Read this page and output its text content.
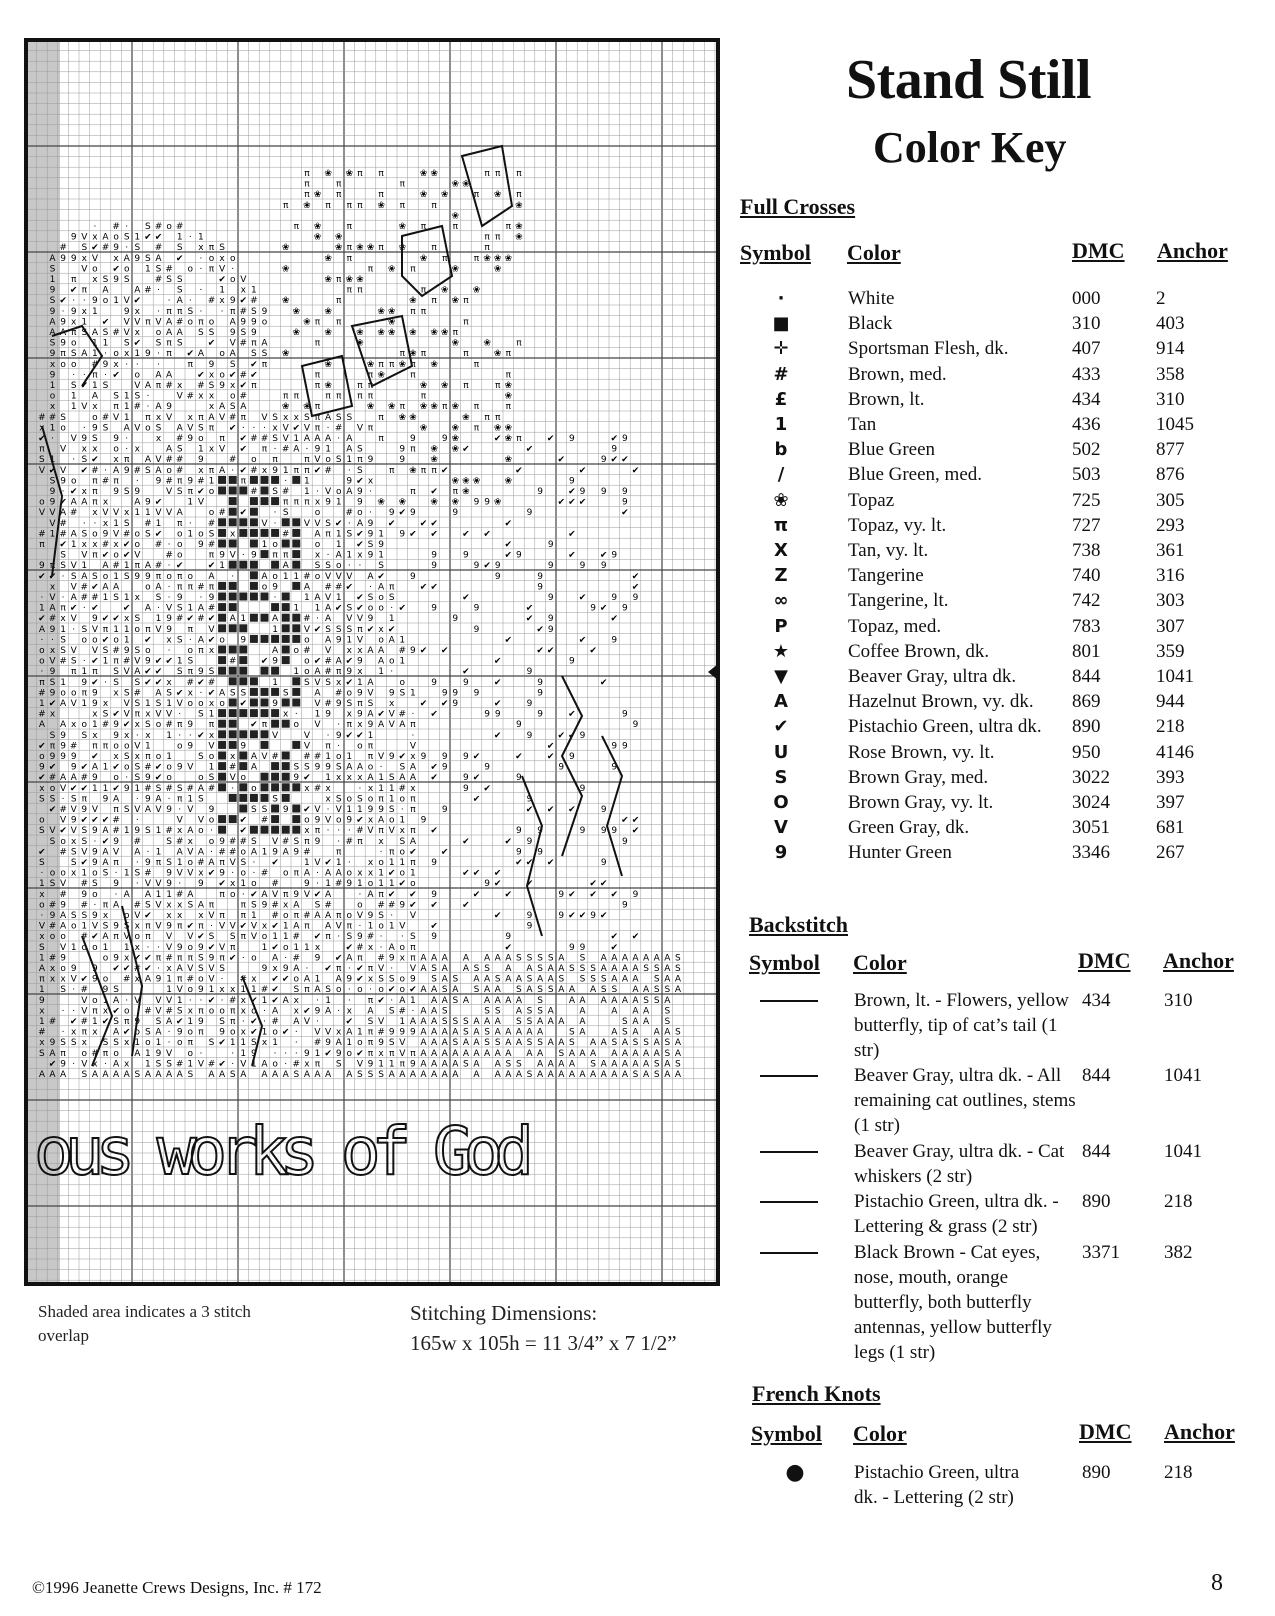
π ❀ ❀ π π	❀ ❀	π π π
π	π	π	❀ ❀
π ❀ π	π	❀ ❀	π ❀ π
π ❀ π π π ❀ π	π	❀
❀
· # · S # o #	π ❀	π	❀ π	π	π ❀
9 V x A o S 1 ✔ ✔ 1 · 1	❀ ❀	π π ❀
# S ✔ # 9 · S # S x π S	❀	❀ π ❀ ❀ π ❀	π	π
A 9 9 x V x A 9 S A ✔ · o x o	❀ π	❀ π	π ❀ ❀ ❀
S	V o ✔ o 1 S # o · π V ·	❀	π ❀ π	❀	❀
1 π x S 9 S	# S S	✔ o V	❀ π ❀ ❀
9 ✔ π A	A # · S · 1 x 1	π π	π ❀	❀
S ✔ · · 9 o 1 V ✔	· A · # x 9 ✔ #	❀	π	❀ π ❀ π
9 · 9 x 1	9 x · π π S · · π # S 9	❀	❀	❀ ❀ π π
A 9 x 1 ✔ V V π V A # o π o A 9 9 o	❀ π π	❀	π
A A π S A S # V x o A A S S 9 S 9	❀	❀	❀ ❀ ❀ ❀ ❀ ❀ π
S 9 o 1 1 S ✔ S π S	✔ V # π A	π	❀	❀	❀	π
9 π S A 1 · o x 1 9 · π ✔ A o A S S ❀	π ❀ π	π	❀ π
x o o # 9 x · · ·	π 9 S ✔ π	❀	❀ π π ❀ π ❀	π
9 · · π · ✔ o A A	✔ x o ✔ # ✔	π	π ❀	π	π
1 S ✔ 1 S	V A π # x # S 9 x ✔ π	π ❀	π π	❀ ❀ π	π ❀
o 1 A S 1 S ·	V # x x o #	π π	π π π π	π	❀
x 1 V x π 1 # · A 9	x A S A	❀ ❀ π	❀ ❀ π ❀ ❀ π ❀ π	π
# # S	o # V 1 π x V x π A V # π V S x x S π A S S	π ❀ ❀	❀ π π
x 1 o · 9 S A V o S A V S π ✔ · · · x V ✔ V π · # V π	❀	❀ π ❀ ❀
✔ · V 9 S 9 ·	x # 9 o π ✔ # # S V 1 A A A · A	π	9	9 ❀	✔ ❀ π	✔ 9	✔ 9
π V x x o · x	A S 1 x V ✔ π · # A · 9 1 A S	9 π ❀ ❀ ✔	✔	9
S 1 · S ✔ x π A V # # 9	# o π	π V o S 1 π 9	9	❀	❀	✔	9 ✔ ✔
V ✔ V ✔ # · A 9 # S A o # x π A · ✔ # x 9 1 π π ✔ # · S	π ❀ π π ✔	✔	✔	✔
S 9 o π # π · 9 # π 9 # 1	π	· 1	9 ✔ x	❀ ❀ ❀	❀	9
9 · ✔ x π 9 S 9	V S π ✔ o	# S # 1 · V o A 9 ·	π ✔ π ❀	9	✔ 9 9 9
o 9 ✔ A A π x	A 9 ✔	1 V	π π π x 9 1 9 ❀ ❀	❀ ❀ 9 9 ❀	✔ ✔ ✔	9
V V A # x V V x 1 1 V V A	o # ✔	· S	o	# o · 9 ✔ 9	9	9	✔
V # · · x 1 S # 1 π · #	V ·	V V S ✔ · A 9 ✔	✔ ✔	✔
# 1 # A S o 9 V # o S ✔ o 1 o S x	#	A π 1 S ✔ 9 1 9 ✔ ✔	✔ ✔	✔
π ✔ 1 x x # x ✔ o # · o 9 #	1 o	o 1 ✔ S 9	✔	9
S V π ✔ o ✔ V	# o	π 9 V · 9 π π	x · A 1 x 9 1	9	9	✔ 9	✔	✔ 9
9 π S V 1 A # 1 π A # · ✔	✔ 1	A	S S o · · S	9	9 ✔ 9	9	9 9
✔ ✔ · S A S o 1 S 9 9 π o π o A ·	A o 1 1 # o V V V A ✔	9	9	9	✔
x V # ✔ A A	o A · π π # π	o 9	A # # ✔ · A π	✔ ✔	9	✔
· V · A # # 1 S 1 x S · 9 · 9	·	1 A V 1 ✔ S o S	✔	9	✔	9 9
1 A π ✔ · ✔	✔ A · V S 1 A #	1 1 A ✔ S ✔ o o · ✔	9	9	✔	9 ✔ 9
✔ # x V 9 ✔ ✔ x S 1 9 # ✔ # ✔ A 1	A	# · A V V 9 1	9	✔ 9	✔
A 9 1 · S V π 1 1 o π V 9 π V	1	V ✔ S S S π ✔ x ✔	9	✔ 9
· · S o o ✔ o 1 ✔ x S · A ✔ o 9	o A 9 1 V o A 1	✔	✔	9
o x S V V S # 9 S o · o π x	A o # V x x A A # 9 ✔ ✔	✔ ✔	✔
o V # S · ✔ 1 π # V 9 ✔ ✔ 1 S	#	✔ 9	o ✔ # A ✔ 9 A o 1	✔	9
· 9 π 1 π S V A ✔ ✔ S π 9 S	1 o A # π 9 x 1 ·	✔	9
π S 1 9 ✔ · S S ✔ ✔ x # ✔ #	1	S V S x ✔ 1 A	o	9	9	✔	9	✔
# 9 o o π 9 x S # A S ✔ x · ✔ A S S	S	A # o 9 V 9 S 1	9 9 9	9
1 ✔ A V 1 9 x V S 1 S 1 V o o x o ✔	9	V # 9 S π S x	✔ ✔ 9	✔	9
# x	x S ✔ V π x V V · S 1	x · 1 9 x 9 A ✔ V # · ✔	9 9	9	✔	9
A A x o 1 # 9 ✔ x S o # π 9 π	✔ π	o V · π x 9 A V A π	9	9
S 9 S x 9 x · x 1 · · ✔ x	V	V · 9 ✔ ✔ 1	·	✔	9	✔ ✔ 9
✔ π 9 # π π o o V 1	o 9 V	9	V π · o π	V	✔	9 9
o 9 9 9 ✔ x S x π o 1	S o x A V #	# # 1 o 1 π V 9 ✔ x 9 9 9 ✔	✔	✔ 9
9 ✔ 9 ✔ A 1 ✔ o S # ✔ o 9 V 1 # A	S S 9 9 S A A o · S A ✔ 9	9	9	9
✔ # A A # 9 o · S 9 ✔ o	o S V o	9 ✔ 1 x x x A 1 S A A ✔	9 ✔	9
x o V ✔ ✔ 1 1 ✔ 9 1 # S # S # A # · o	x # x	· x 1 1 # x	9 ✔	9
S S · S π 9 A · 9 A · π 1 S	S	x S o S o π 1 o π	✔	9
✔ # V 9 V π S V A V 9 · V 9	S S 9 ✔ V · V 1 1 9 9 S · π	9	✔ ✔ ✔	9
o V 9 ✔ ✔ ✔ # ·	V V o	✔ #	o 9 V o 9 ✔ x A o 1 9	✔ ✔
S V ✔ V S 9 A # 1 9 S 1 # x A o ·	✔	x π · · · # V π V x π ✔	9 9	9 9 9 ✔
S o x S · ✔ 9 #	S # x o 9 # # S V # S π 9 · # π x S A	✔	✔ 9	9
✔ # S V 9 A V A · 1 A V A · # # o A 1 9 A 9 #	π	· π o ✔	✔	9 9
S	S ✔ 9 A π · 9 π S 1 o # A π V S · ✔	1 V ✔ 1 · x o 1 1 π 9	✔ ✔ ✔	9
· o o x 1 o S · 1 S # 9 V V x ✔ 9 · o · # o π A · A A o x x 1 ✔ o 1	✔ ✔ ✔
1 S V # S 9 · V V 9 · 9 ✔ x 1 o #	9 · 1 # 9 1 o 1 1 ✔ o	9 ✔	✔	✔ ✔
x # 9 o · A A 1 1 # A	π o · ✔ A V π 9 V ✔ A	· A π ✔ ✔ 9	✔	✔	9 ✔ ✔ ✔ 9
o # 9 # · π A # S V x x S A π	π S 9 # x A S #	o # # 9 ✔ ✔	✔	9
· 9 A S S 9 x o V ✔ x x x V π π 1 # o π # A A π o V 9 S · V	✔	9	9 ✔ ✔ 9 ✔
V # A o 1 V S 9 S x π V 9 π ✔ π · V V ✔ V x ✔ 1 A π A V π · 1 o 1 V	✔	9
x o o # ✔ A π V o π V V ✔ S S π V o 1 1 # ✔ π · S 9 # · · S 9	9	✔ ✔
S V 1 o o 1 1 x · · V 9 o 9 ✔ V π	1 ✔ o 1 1 x	✔ # x · A o π	✔	9 9	✔
1 # 9	o 9 x ✔ ✔ π # π π S 9 π ✔ · o A · # 9 ✔ A π # 9 x π A A A A A A A S S S S A S A A A A A A A S
A x o 9 9 ✔ ✔ # ✔ · x A V S V S	9 x 9 A · ✔ π · ✔ π V · V A S A A S S A A S A A S S S A A A A S S A S
π x x V ✔ 9 o # x A 9 1 π # o V · # x ✔ ✔ o A 1 A 9 ✔ x S S o 9 S A S A A S A A S A A S S S S A A A S A A
1 S · # 9 S	1 V o 9 1 x x 1 1 # ✔ S π A S o · o · o ✔ o ✔ A A S A S A A S A S S A A A S S A A S S A
9	V o 1 A · V V V 1 · · ✔ · # x ✔ 1 ✔ A x · 1 · π ✔ · A 1 A A S A A A A A S	A A A A A A S S A
x · · V π x ✔ o # V # S x π o o π x o · A x ✔ 9 A · x A S # · A A S	S S A S S A	A	A A A S
1 # ✔ # 1 ✔ S π 9 S A ✔ 1 9 S π · ✔ · # A V ·	✔ S V 1 A A A S S S A A A S S A A A A	S A A S
# · x π x · A ✔ o S A · 9 o π 9 o x ✔ 1 o ✔ · V V x A 1 π # 9 9 9 A A A A S A S A A A A A	S A	A S A A A S
x 9 S S x S S x 1 o 1 · o π S ✔ 1 1 S x 1 · # 9 A 1 o π 9 S V A A A S A A S S A A S S A A S A A S A S S A S A
S A π o # π o A 1 9 V o ·	· 1 9 · · · 9 1 ✔ 9 o ✔ π x π V π A A A A A A A A A A A S A A A A A A A A S A
✔ 9 · V x · A x 1 S S # 1 V # ✔ · V 1 A o · # x π S V 9 1 1 π 9 A A A A S A A S S A A A A S A A A A A S A S
A A A S A A A A S A A A A S A A S A A A A S A A A A S S S A A A A A A A A A A A S A A A A A A A A A S A S A A
ous works of God
Shaded area indicates a 3 stitch overlap
Stitching Dimensions:
165w x 105h = 11 3/4” x 7 1/2”
Stand Still
Color Key
Full Crosses
Symbol Color	DMC Anchor
·	White	000	2
■	Black	310	403
✛	Sportsman Flesh, dk.	407	914
#	Brown, med.	433	358
£	Brown, lt.	434	310
1	Tan	436	1045
b	Blue Green	502	877
/	Blue Green, med.	503	876
❀	Topaz	725	305
π	Topaz, vy. lt.	727	293
X	Tan, vy. lt.	738	361
Z	Tangerine	740	316
∞	Tangerine, lt.	742	303
P	Topaz, med.	783	307
★	Coffee Brown, dk.	801	359
▼	Beaver Gray, ultra dk.	844	1041
A	Hazelnut Brown, vy. dk. 869	944
✔	Pistachio Green, ultra dk. 890	218
U	Rose Brown, vy. lt.	950	4146
S	Brown Gray, med.	3022 393
O	Brown Gray, vy. lt.	3024 397
V	Green Gray, dk.	3051 681
9	Hunter Green	3346 267
Backstitch
Symbol Color	DMC Anchor
Brown, lt. - Flowers, yellow butterfly, tip of cat’s tail (1 str)
434	310
Beaver Gray, ultra dk. - All remaining cat outlines, stems (1 str)
844	1041
Beaver Gray, ultra dk. - Cat whiskers (2 str)
844	1041
Pistachio Green, ultra dk. - Lettering & grass (2 str)
890	218
Black Brown - Cat eyes, nose, mouth, orange butterfly, both butterfly antennas, yellow butterfly legs (1 str)
3371 382
French Knots
Symbol Color	DMC Anchor
●	Pistachio Green, ultra dk. - Lettering (2 str)
890	218
©1996 Jeanette Crews Designs, Inc. # 172	8
